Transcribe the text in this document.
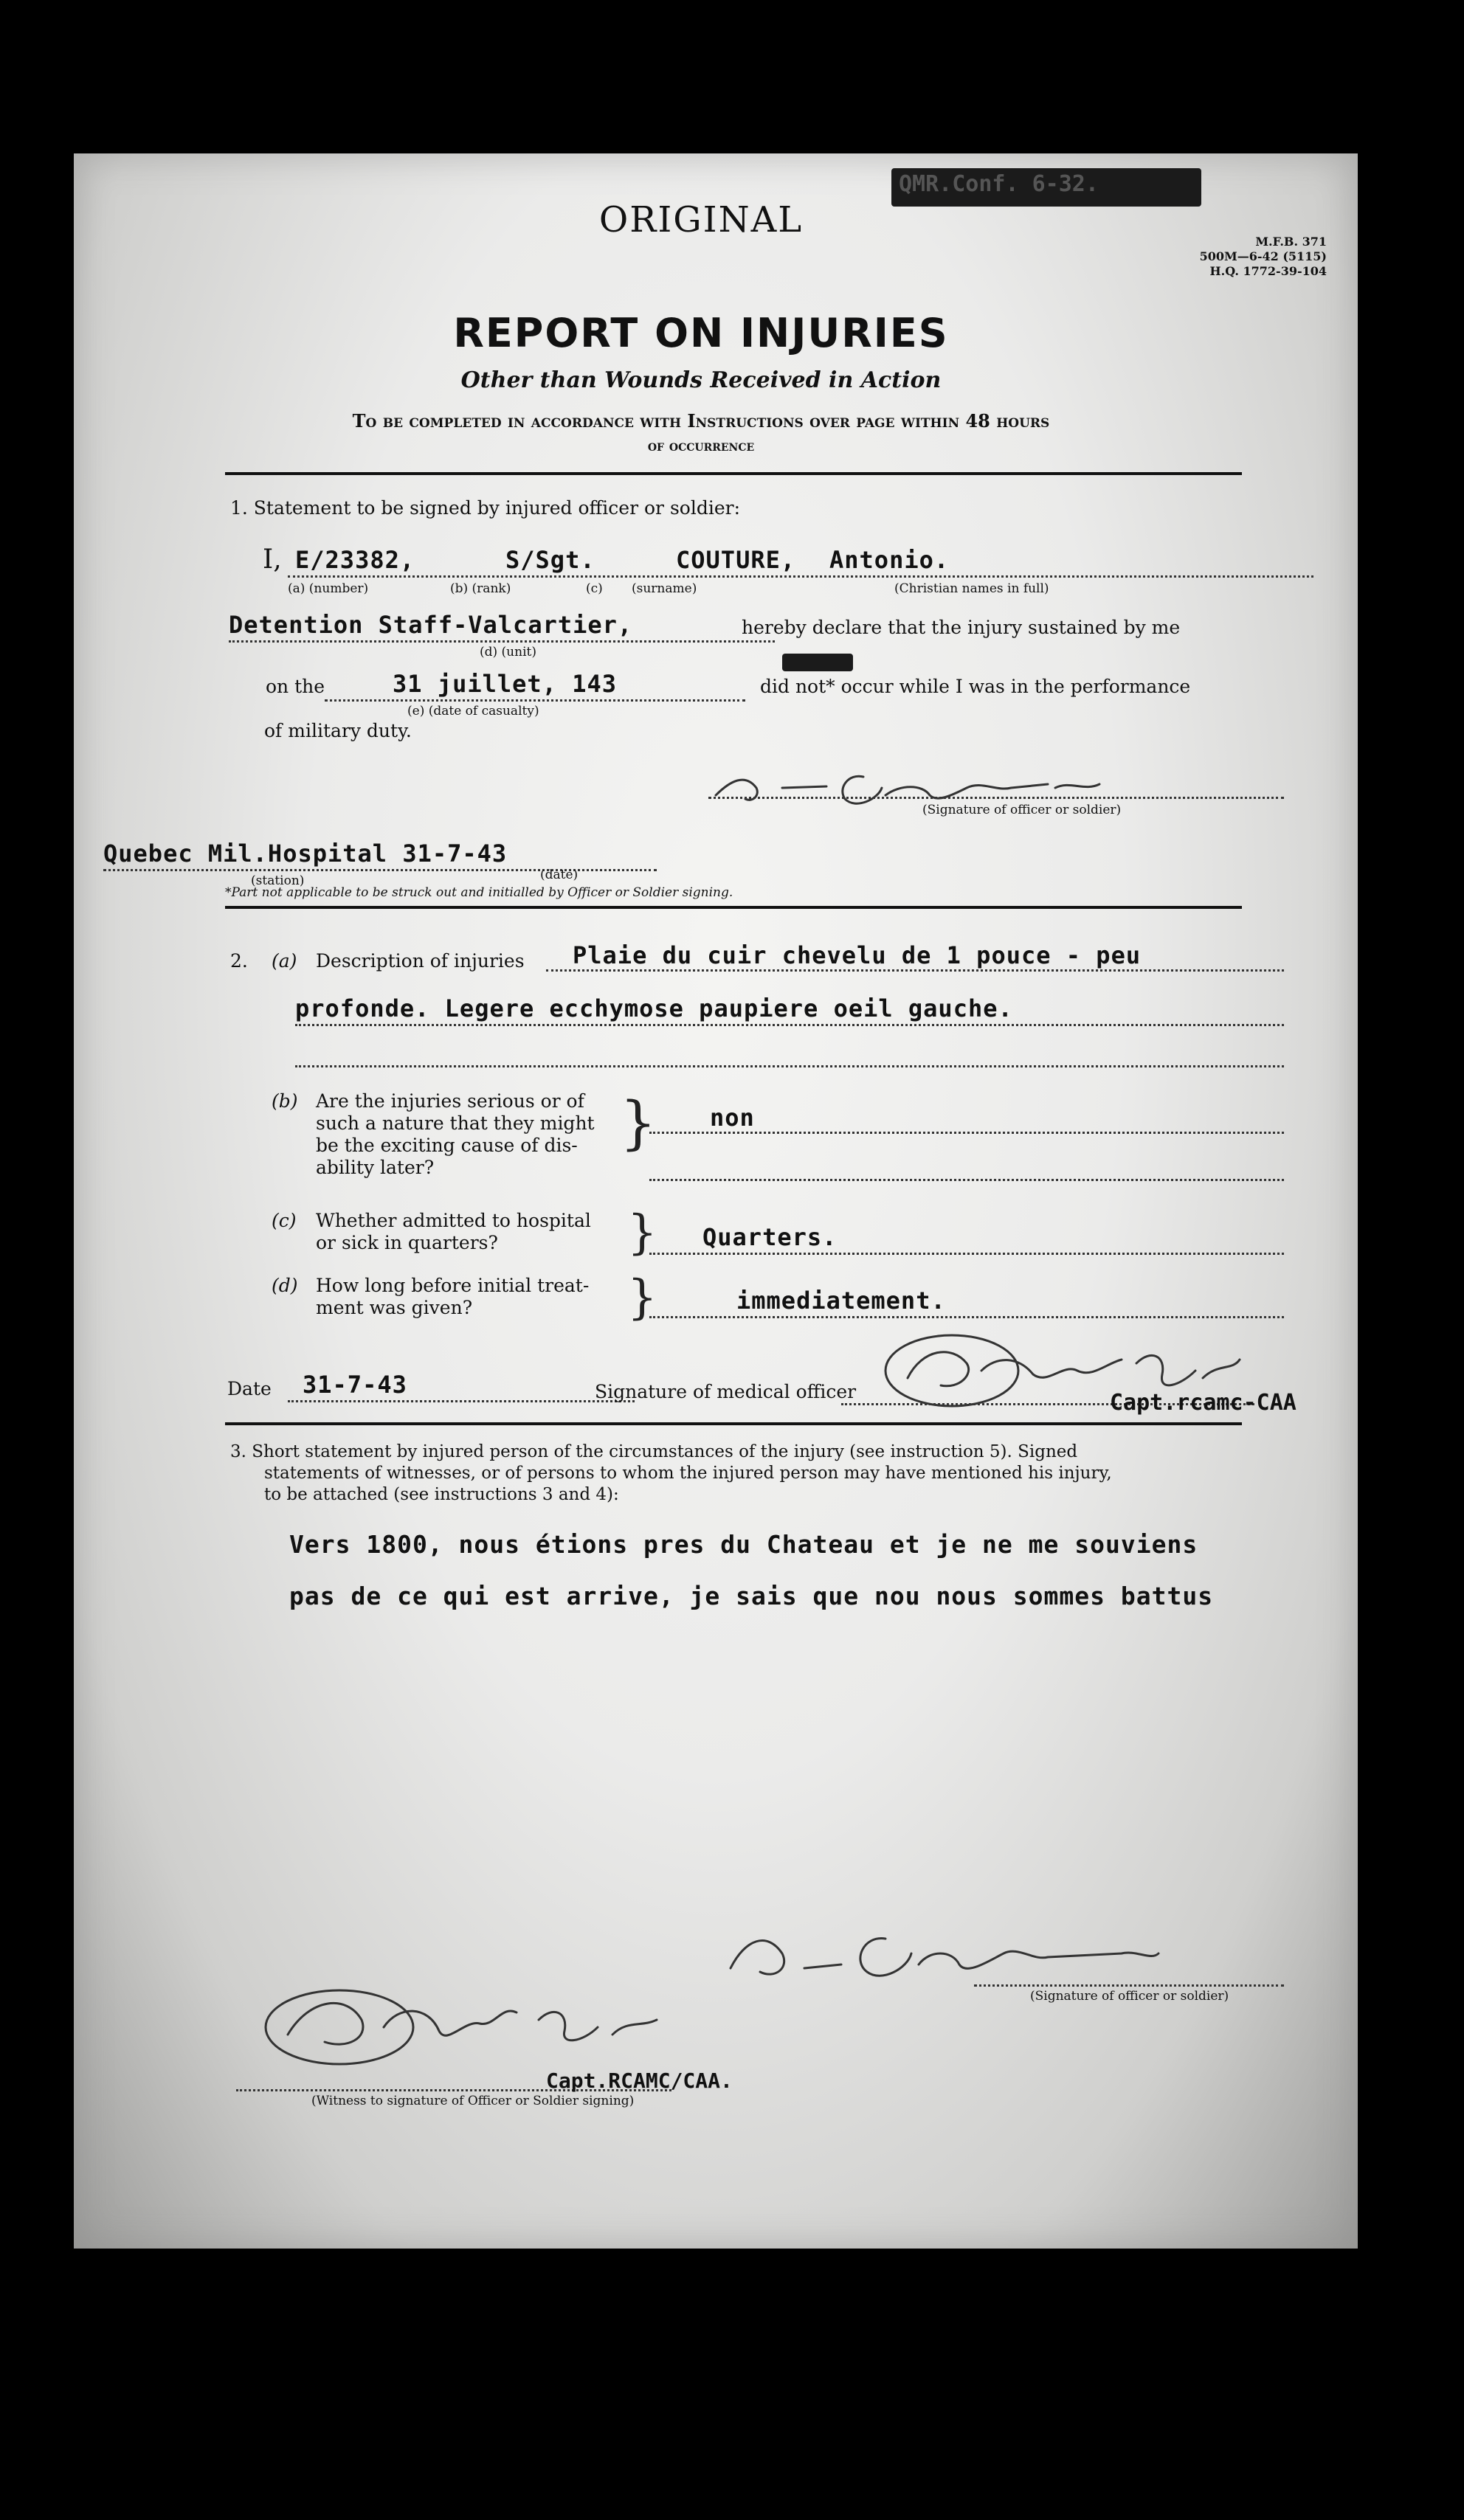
ORIGINAL
QMR.Conf. 6-32.
M.F.B. 371
500M—6-42 (5115)
H.Q. 1772-39-104
REPORT ON INJURIES
Other than Wounds Received in Action
To be completed in accordance with Instructions over page within 48 hours
of occurrence
1. Statement to be signed by injured officer or soldier:
I, E/23382,	S/Sgt.	COUTURE, Antonio.
(a) (number)	(b) (rank)	(c) (surname)	(Christian names in full)
Detention Staff-Valcartier,	hereby declare that the injury sustained by me
(d) (unit)
on the	31 juillet, 143	did not* occur while I was in the performance
(e) (date of casualty)
of military duty.
(Signature of officer or soldier)
Quebec Mil.Hospital 31-7-43
(station)	(date)
*Part not applicable to be struck out and initialled by Officer or Soldier signing.
2. (a) Description of injuries Plaie du cuir chevelu de 1 pouce - peu
profonde. Legere ecchymose paupiere oeil gauche.
(b) Are the injuries serious or of
such a nature that they might
be the exciting cause of dis-
ability later?
} non
(c) Whether admitted to hospital
or sick in quarters?	} Quarters.
(d) How long before initial treat-
ment was given?	}	immediatement.
Date 31-7-43	Signature of medical officer	Capt.rcamc-CAA
3. Short statement by injured person of the circumstances of the injury (see instruction 5). Signed
statements of witnesses, or of persons to whom the injured person may have mentioned his injury,
to be attached (see instructions 3 and 4):
Vers 1800, nous étions pres du Chateau et je ne me souviens
pas de ce qui est arrive, je sais que nou nous sommes battus
(Signature of officer or soldier)
(Witness to signature of Officer or Soldier signing)
Capt.RCAMC/CAA.
